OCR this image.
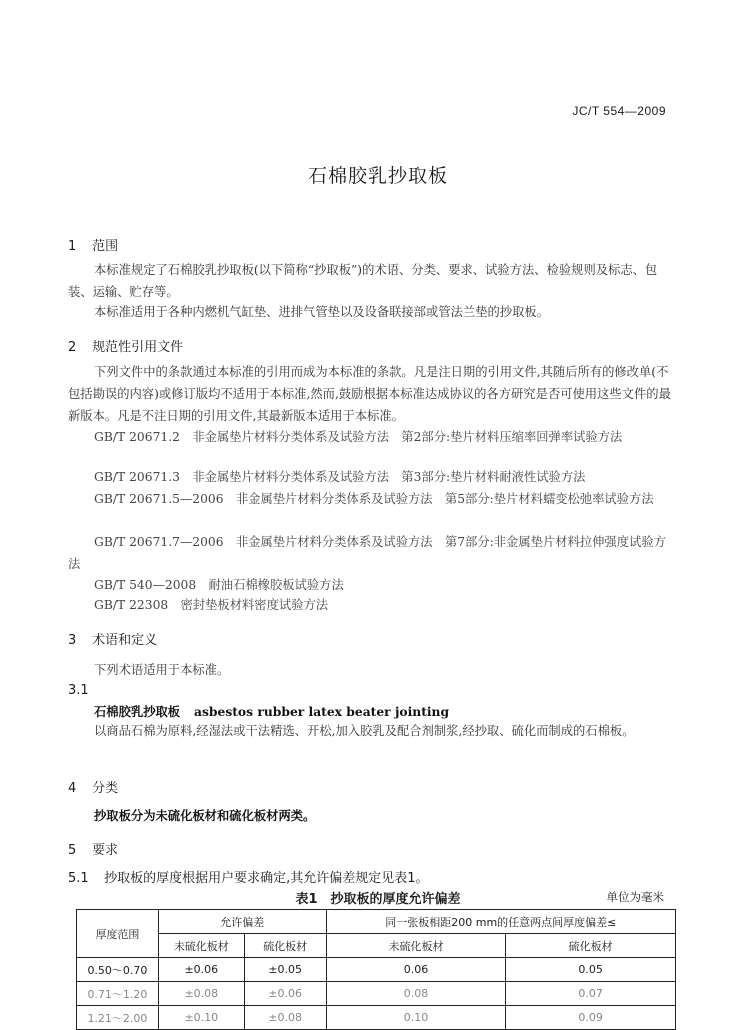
JC/T 554—2009
石棉胶乳抄取板
1 范围

本标准规定了石棉胶乳抄取板(以下简称“抄取板”)的术语、分类、要求、试验方法、检验规则及标志、包装、运输、贮存等。

本标准适用于各种内燃机气缸垫、进排气管垫以及设备联接部或管法兰垫的抄取板。

2 规范性引用文件

下列文件中的条款通过本标准的引用而成为本标准的条款。凡是注日期的引用文件,其随后所有的修改单(不包括勘误的内容)或修订版均不适用于本标准,然而,鼓励根据本标准达成协议的各方研究是否可使用这些文件的最新版本。凡是不注日期的引用文件,其最新版本适用于本标准。

GB/T 20671.2　非金属垫片材料分类体系及试验方法　第2部分:垫片材料压缩率回弹率试验方法

GB/T 20671.3　非金属垫片材料分类体系及试验方法　第3部分:垫片材料耐液性试验方法

GB/T 20671.5—2006　非金属垫片材料分类体系及试验方法　第5部分:垫片材料蠕变松弛率试验方法

GB/T 20671.7—2006　非金属垫片材料分类体系及试验方法　第7部分:非金属垫片材料拉伸强度试验方法

GB/T 540—2008　耐油石棉橡胶板试验方法

GB/T 22308　密封垫板材料密度试验方法

3 术语和定义
下列术语适用于本标准。
3.1
石棉胶乳抄取板 asbestos rubber latex beater jointing

以商品石棉为原料,经湿法或干法精选、开松,加入胶乳及配合剂制浆,经抄取、硫化而制成的石棉板。

4 分类
抄取板分为未硫化板材和硫化板材两类。
5 要求
5.1 抄取板的厚度根据用户要求确定,其允许偏差规定见表1。
表1　抄取板的厚度允许偏差	单位为毫米
厚度范围	允许偏差		同一张板相距200 mm的任意两点间厚度偏差≤	
	未硫化板材	硫化板材	未硫化板材	硫化板材
0.50～0.70	±0.06	±0.05	0.06	0.05
0.71～1.20	±0.08	±0.06	0.08	0.07
1.21～2.00	±0.10	±0.08	0.10	0.09
